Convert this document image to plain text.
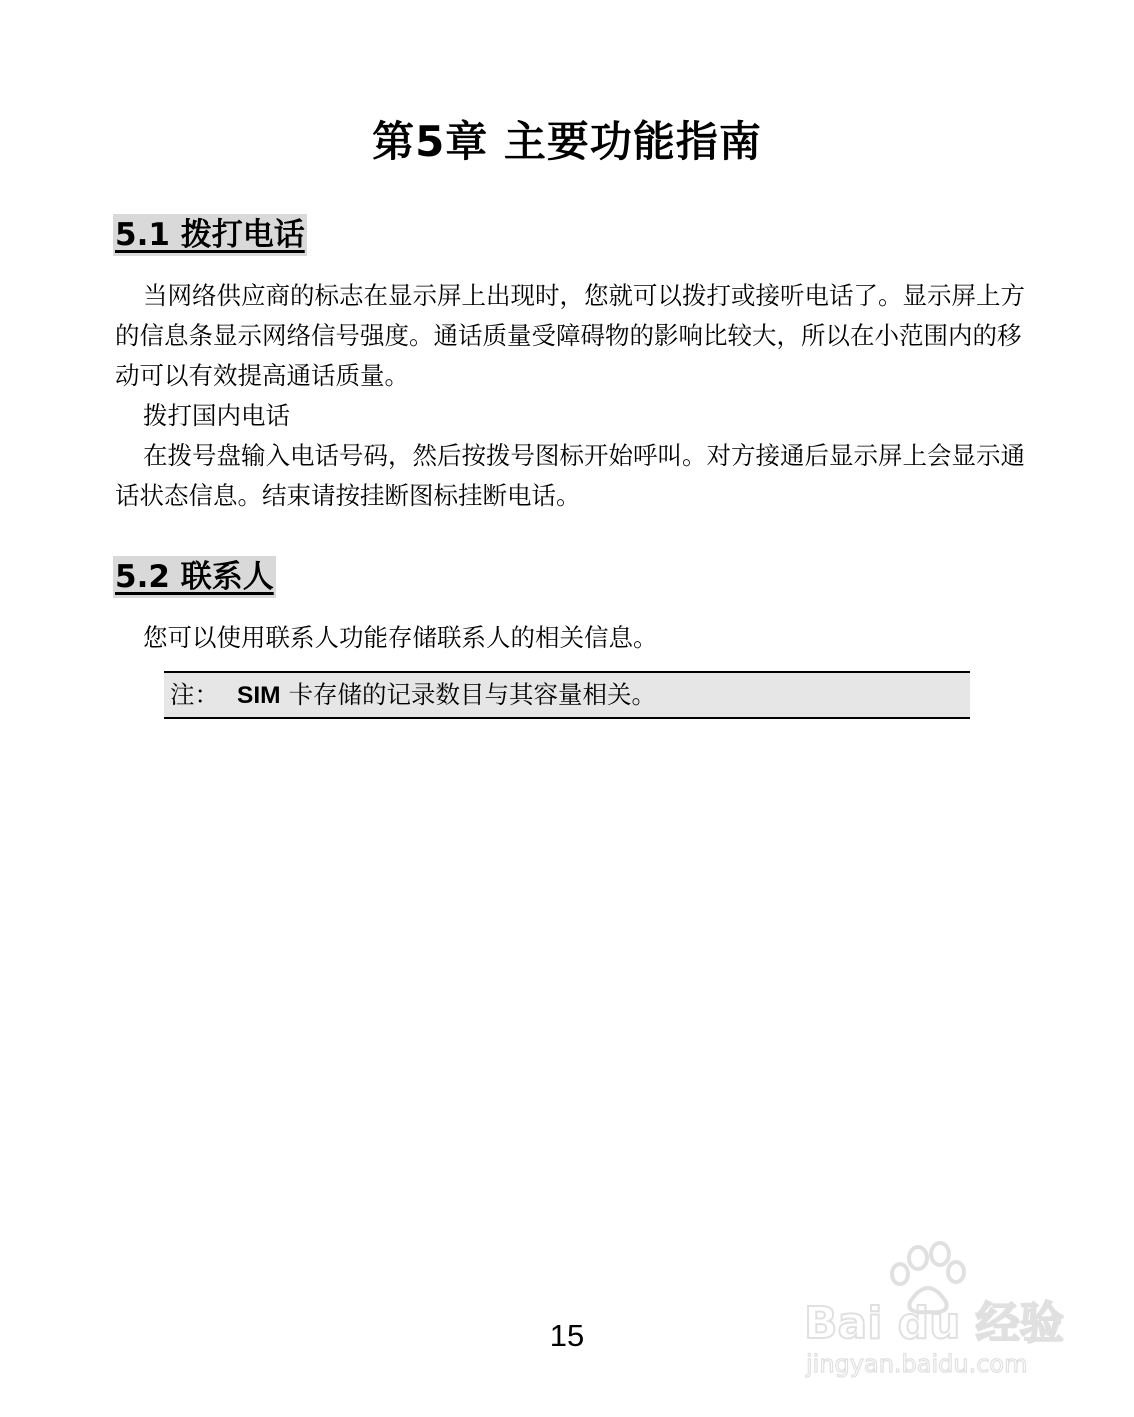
第5章 主要功能指南
5.1 拨打电话
当网络供应商的标志在显示屏上出现时，您就可以拨打或接听电话了。显示屏上方的信息条显示网络信号强度。通话质量受障碍物的影响比较大，所以在小范围内的移动可以有效提高通话质量。
拨打国内电话
在拨号盘输入电话号码，然后按拨号图标开始呼叫。对方接通后显示屏上会显示通话状态信息。结束请按挂断图标挂断电话。
5.2 联系人
您可以使用联系人功能存储联系人的相关信息。
注： SIM 卡存储的记录数目与其容量相关。
15	Bai du 经验
jingyan.baidu.com
